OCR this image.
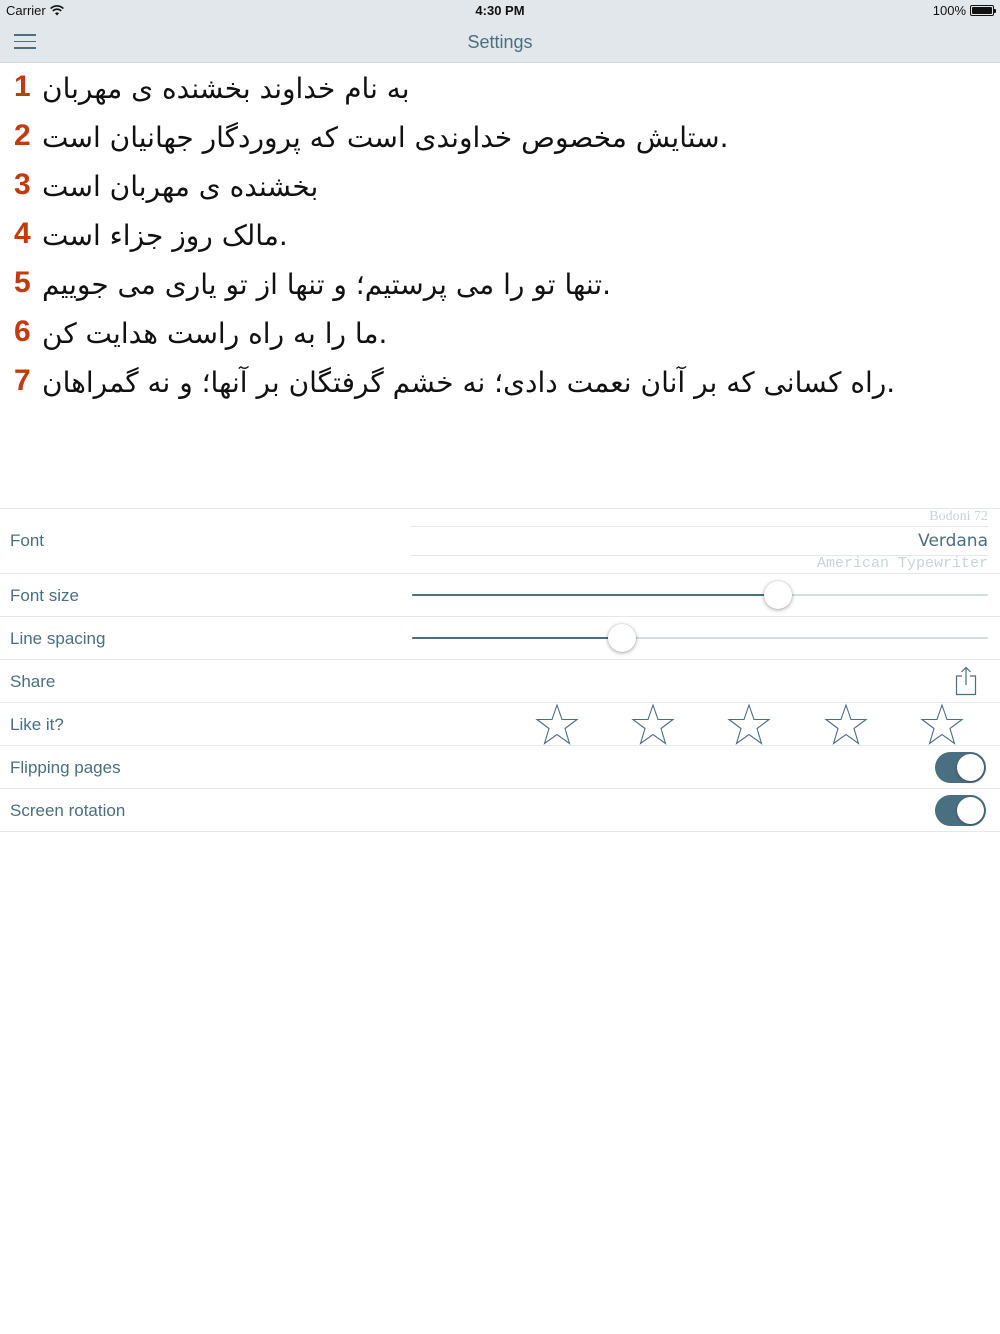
Carrier	4:30 PM	100%
Settings
1 به نام خداوند بخشنده ی مهربان
2 ستایش مخصوص خداوندی است که پروردگار جهانیان است.
3 بخشنده ی مهربان است
4 مالک روز جزاء است.
5 تنها تو را می پرستیم؛ و تنها از تو یاری می جوییم.
6 ما را به راه راست هدایت کن.
7 راه کسانی که بر آنان نعمت دادی؛ نه خشم گرفتگان بر آنها؛ و نه گمراهان.
Font
Bodoni 72
Verdana
American Typewriter
Font size
Line spacing
Share
Like it?
Flipping pages
Screen rotation
